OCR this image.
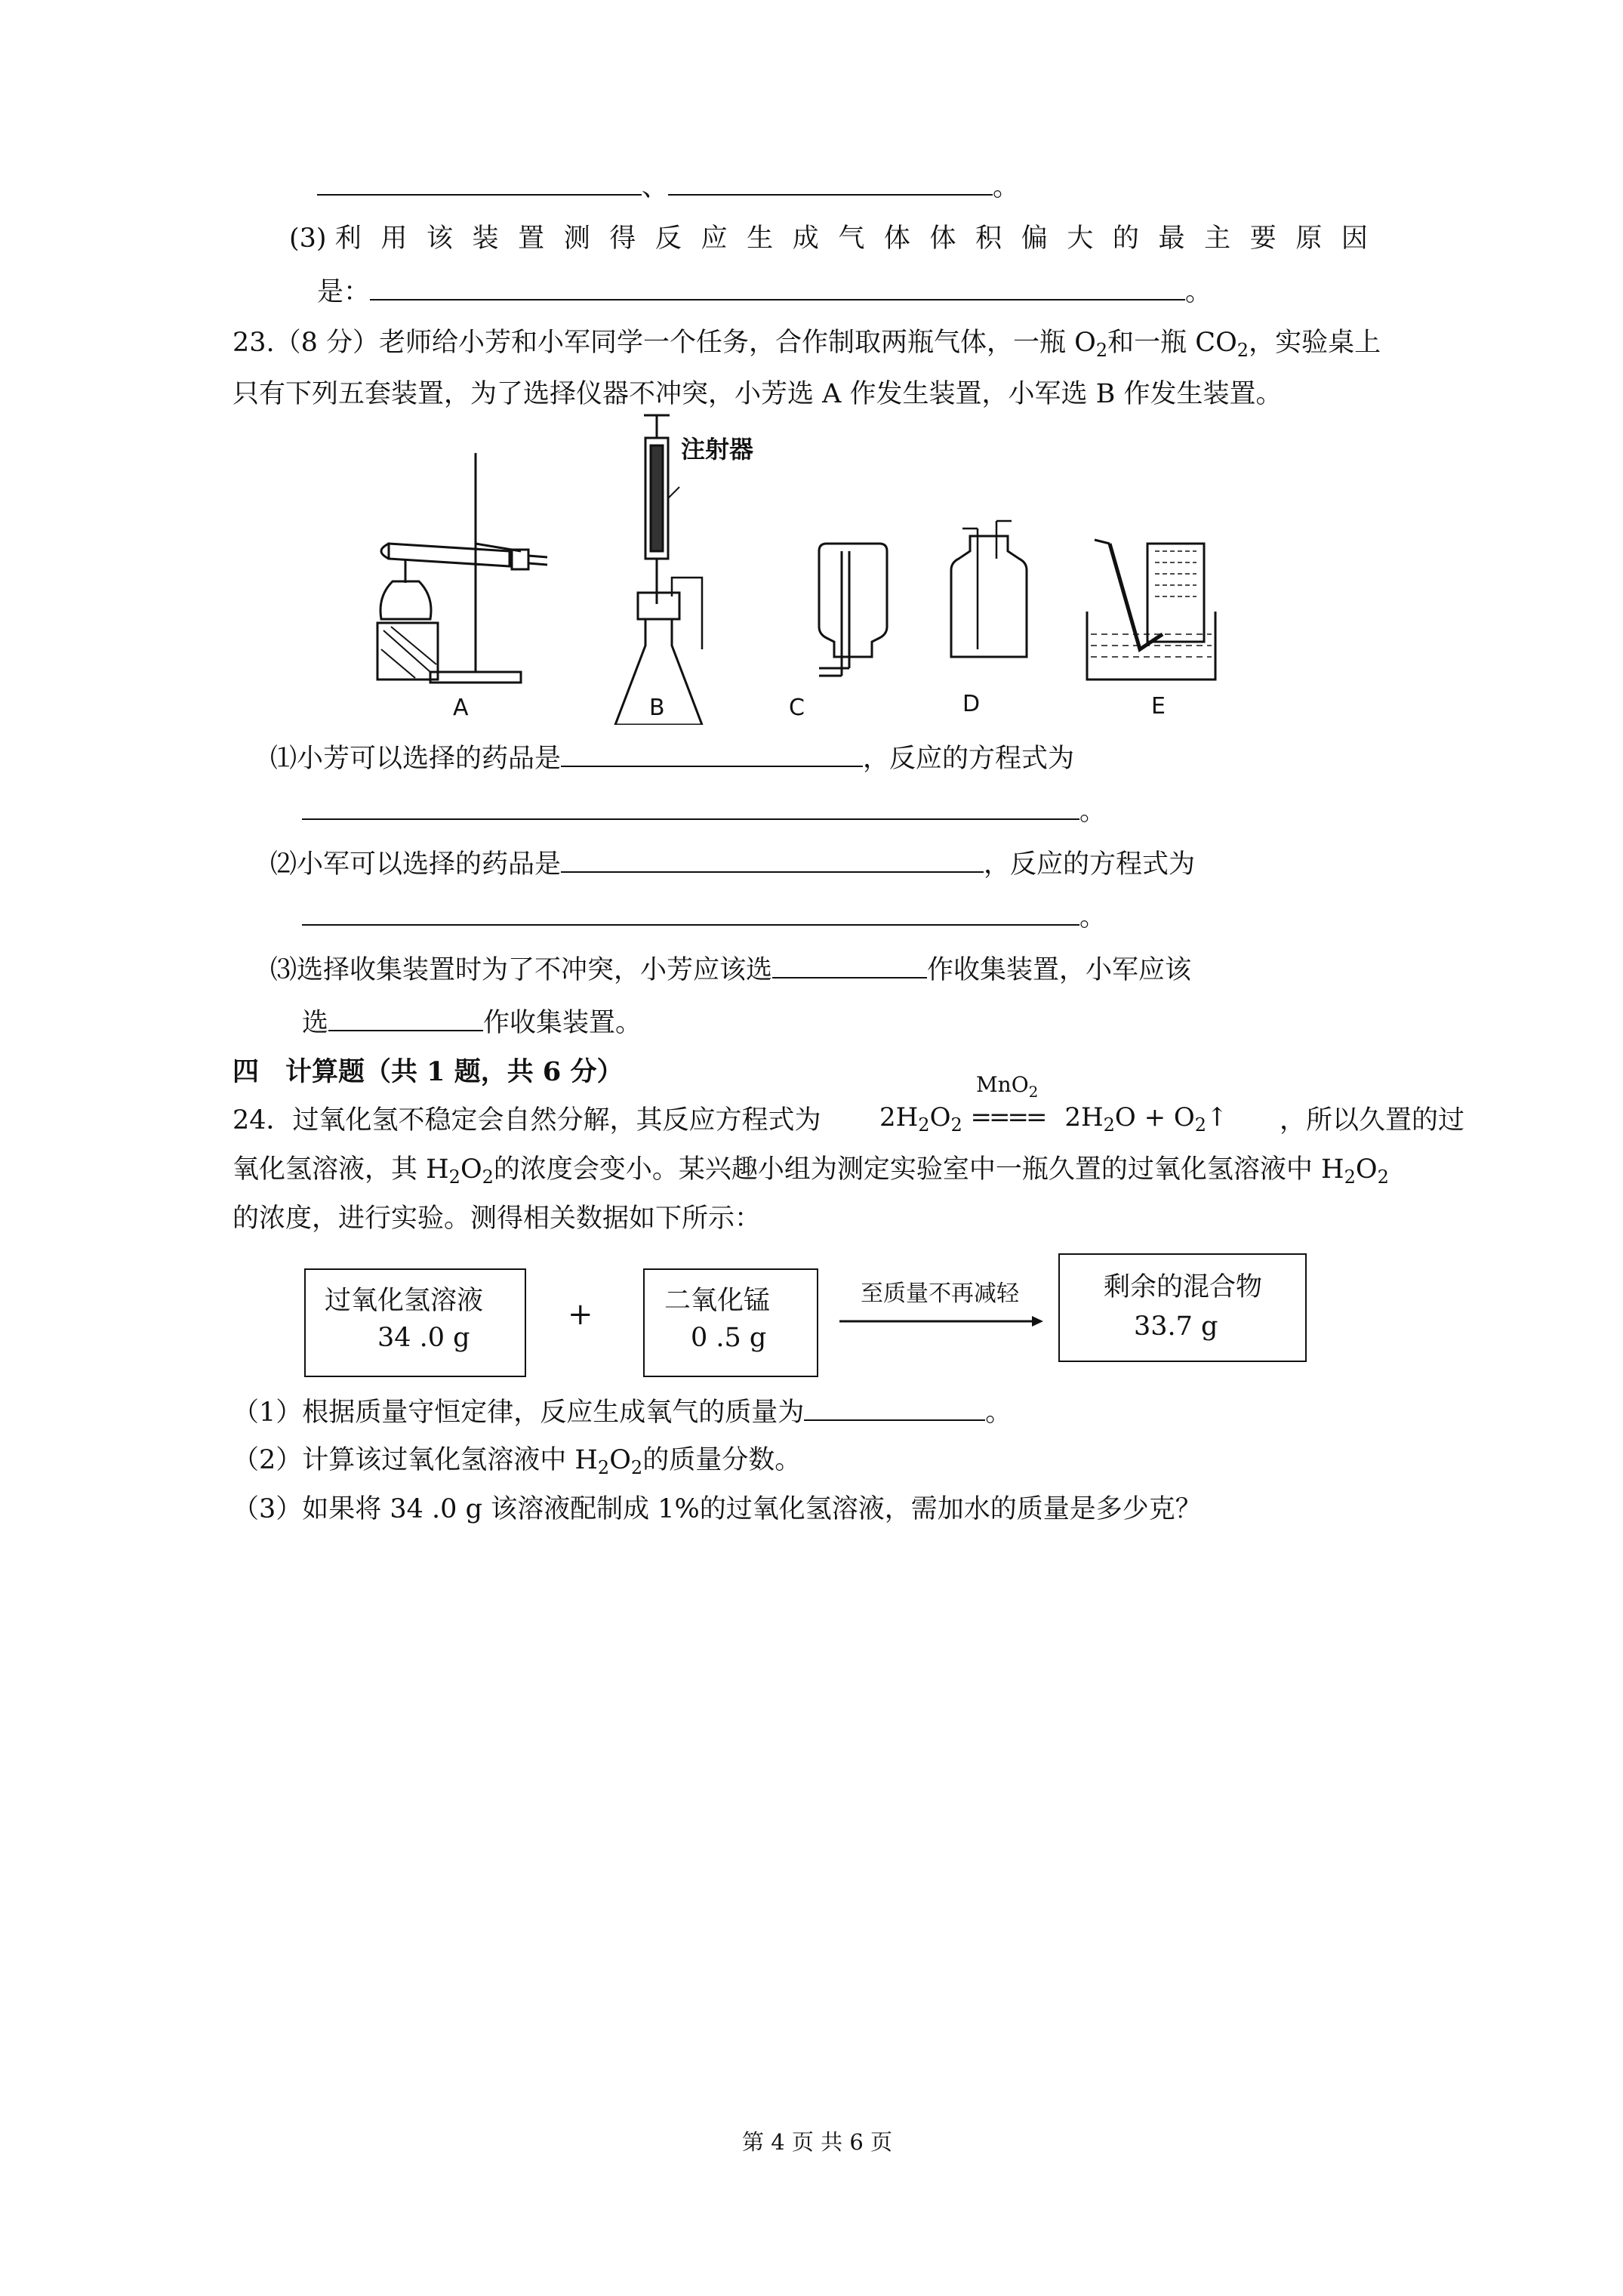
、	。
(3) 利用该装置测得反应生成气体体积偏大的最主要原因
是：	。
23.（8 分）老师给小芳和小军同学一个任务，合作制取两瓶气体，一瓶 $O_2$和一瓶 $CO_2$，实验桌上
只有下列五套装置，为了选择仪器不冲突，小芳选 A 作发生装置，小军选 B 作发生装置。
注射器
A	B	C	D	E
⑴小芳可以选择的药品是	，反应的方程式为
。
⑵小军可以选择的药品是	，反应的方程式为
。
⑶选择收集装置时为了不冲突，小芳应该选	作收集装置，小军应该
选	作收集装置。
四　计算题（共 1 题，共 6 分）
24．过氧化氢不稳定会自然分解，其反应方程式为
MnO$_2$
$2H_2O_2$ ==== $2H_2O$ + $O_2↑$ ，所以久置的过
氧化氢溶液，其 $H_2O_2$的浓度会变小。某兴趣小组为测定实验室中一瓶久置的过氧化氢溶液中 $H_2O_2$
的浓度，进行实验。测得相关数据如下所示：
过氧化氢溶液
34 .0 g
+	二氧化锰
0 .5 g
至质量不再减轻	剩余的混合物
33.7 g
（1）根据质量守恒定律，反应生成氧气的质量为	。
（2）计算该过氧化氢溶液中 $H_2O_2$的质量分数。
（3）如果将 34 .0 g 该溶液配制成 1%的过氧化氢溶液，需加水的质量是多少克？
第 4 页 共 6 页
